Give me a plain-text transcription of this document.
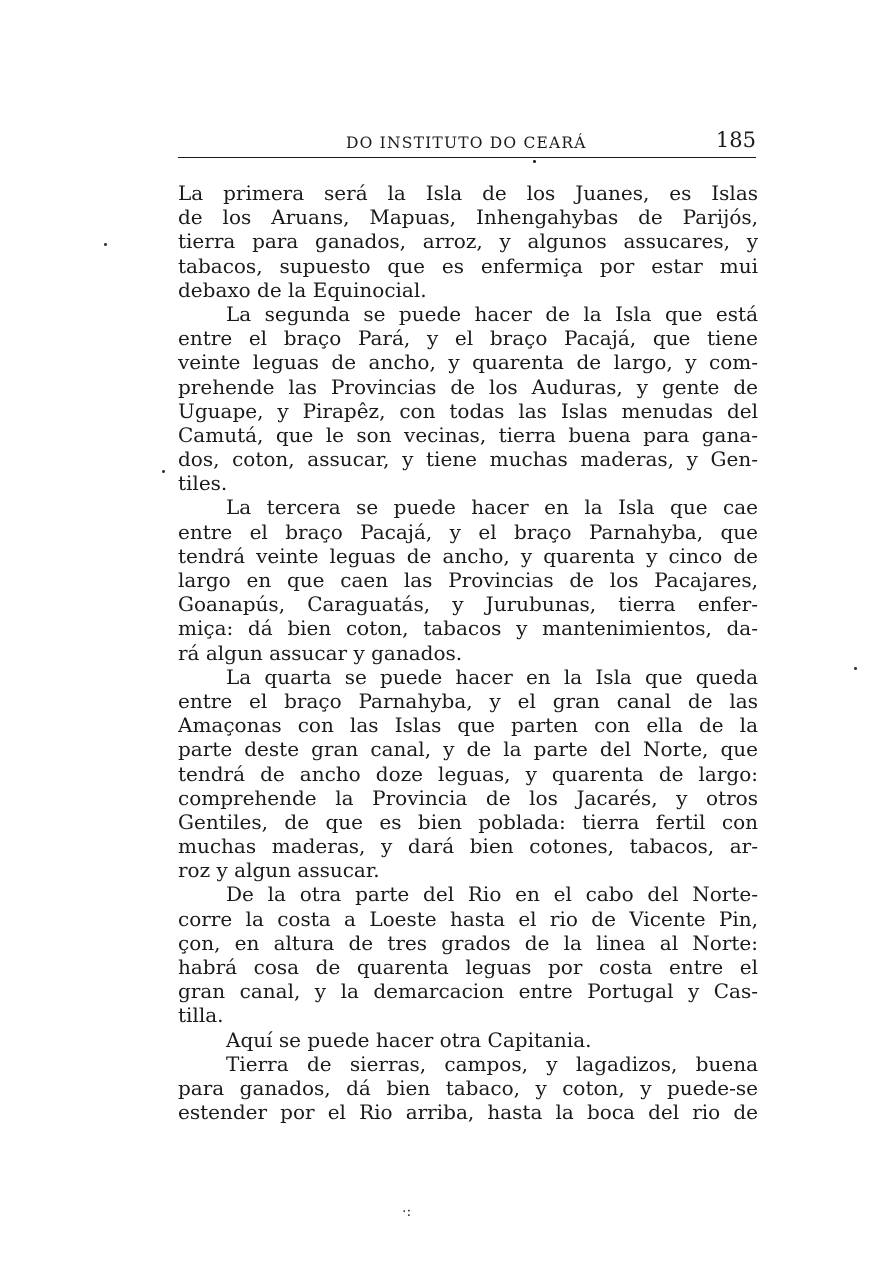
DO INSTITUTO DO CEARÁ	185
La primera será la Isla de los Juanes, es Islas
de los Aruans, Mapuas, Inhengahybas de Parijós,
tierra para ganados, arroz, y algunos assucares, y
tabacos, supuesto que es enfermiça por estar mui
debaxo de la Equinocial.
La segunda se puede hacer de la Isla que está
entre el braço Pará, y el braço Pacajá, que tiene
veinte leguas de ancho, y quarenta de largo, y com-
prehende las Provincias de los Auduras, y gente de
Uguape, y Pirapêz, con todas las Islas menudas del
Camutá, que le son vecinas, tierra buena para gana-
dos, coton, assucar, y tiene muchas maderas, y Gen-
tiles.
La tercera se puede hacer en la Isla que cae
entre el braço Pacajá, y el braço Parnahyba, que
tendrá veinte leguas de ancho, y quarenta y cinco de
largo en que caen las Provincias de los Pacajares,
Goanapús, Caraguatás, y Jurubunas, tierra enfer-
miça: dá bien coton, tabacos y mantenimientos, da-
rá algun assucar y ganados.
La quarta se puede hacer en la Isla que queda
entre el braço Parnahyba, y el gran canal de las
Amaçonas con las Islas que parten con ella de la
parte deste gran canal, y de la parte del Norte, que
tendrá de ancho doze leguas, y quarenta de largo:
comprehende la Provincia de los Jacarés, y otros
Gentiles, de que es bien poblada: tierra fertil con
muchas maderas, y dará bien cotones, tabacos, ar-
roz y algun assucar.
De la otra parte del Rio en el cabo del Norte-
corre la costa a Loeste hasta el rio de Vicente Pin,
çon, en altura de tres grados de la linea al Norte:
habrá cosa de quarenta leguas por costa entre el
gran canal, y la demarcacion entre Portugal y Cas-
tilla.
Aquí se puede hacer otra Capitania.
Tierra de sierras, campos, y lagadizos, buena
para ganados, dá bien tabaco, y coton, y puede-se
estender por el Rio arriba, hasta la boca del rio de
·:
